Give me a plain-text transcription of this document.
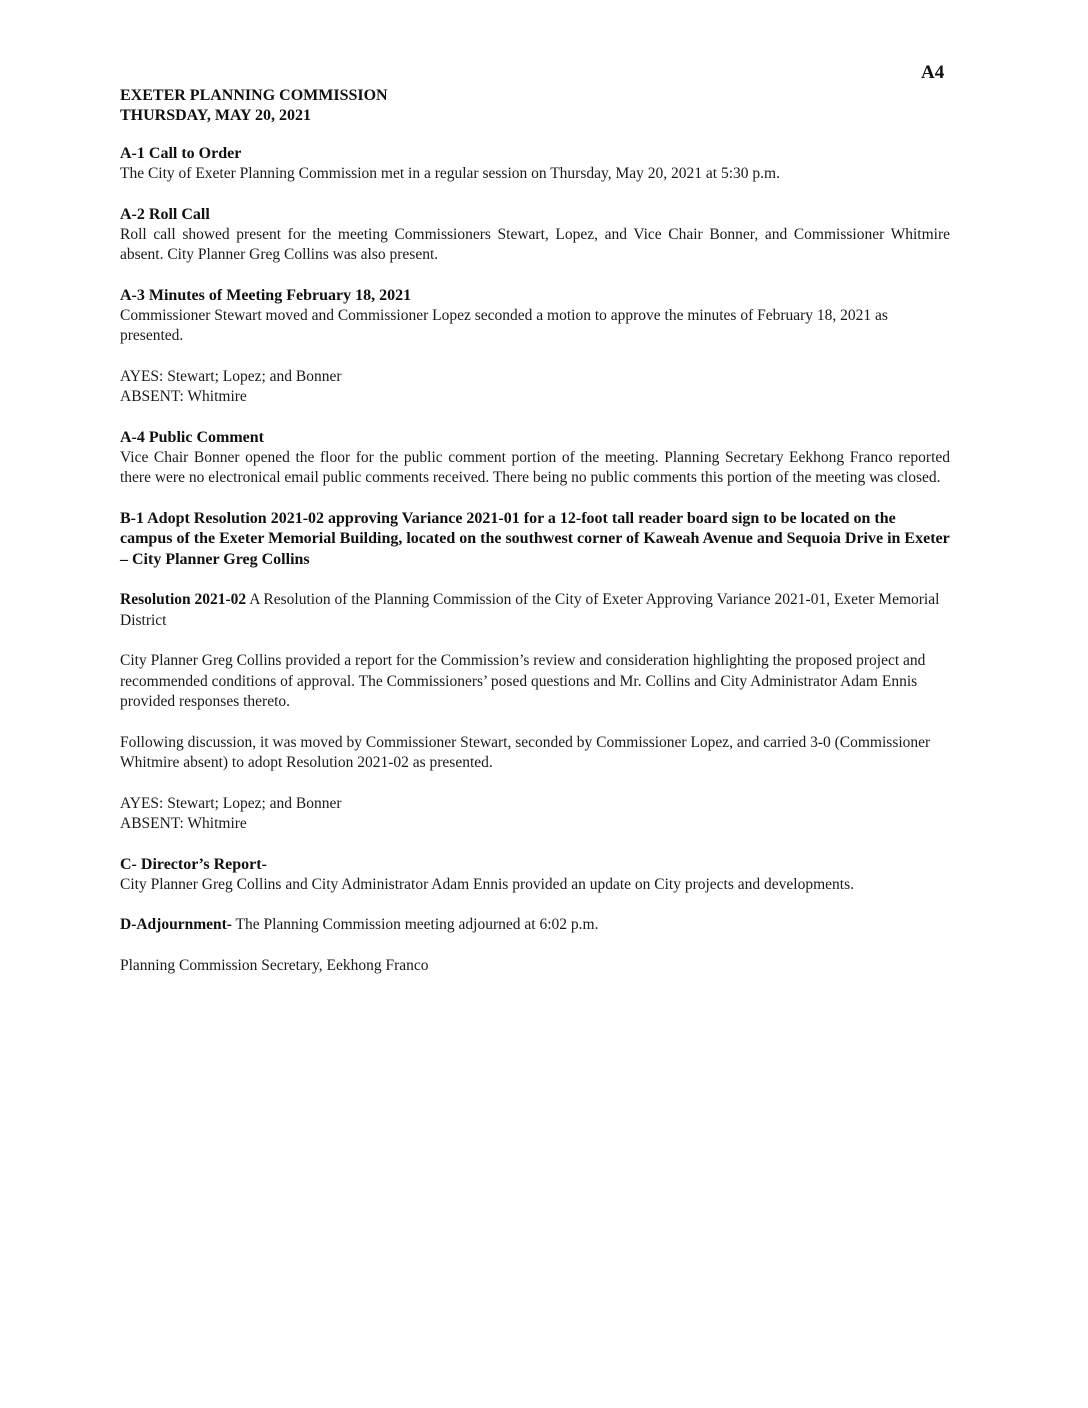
A4
EXETER PLANNING COMMISSION
THURSDAY, MAY 20, 2021
A-1 Call to Order

The City of Exeter Planning Commission met in a regular session on Thursday, May 20, 2021 at 5:30 p.m.

A-2 Roll Call

Roll call showed present for the meeting Commissioners Stewart, Lopez, and Vice Chair Bonner, and Commissioner Whitmire absent. City Planner Greg Collins was also present.

A-3 Minutes of Meeting February 18, 2021

Commissioner Stewart moved and Commissioner Lopez seconded a motion to approve the minutes of February 18, 2021 as presented.

AYES: Stewart; Lopez; and Bonner
ABSENT: Whitmire
A-4 Public Comment

Vice Chair Bonner opened the floor for the public comment portion of the meeting. Planning Secretary Eekhong Franco reported there were no electronical email public comments received. There being no public comments this portion of the meeting was closed.

B-1 Adopt Resolution 2021-02 approving Variance 2021-01 for a 12-foot tall reader board sign to be located on the campus of the Exeter Memorial Building, located on the southwest corner of Kaweah Avenue and Sequoia Drive in Exeter – City Planner Greg Collins

Resolution 2021-02 A Resolution of the Planning Commission of the City of Exeter Approving Variance 2021-01, Exeter Memorial District

City Planner Greg Collins provided a report for the Commission’s review and consideration highlighting the proposed project and recommended conditions of approval. The Commissioners’ posed questions and Mr. Collins and City Administrator Adam Ennis provided responses thereto.

Following discussion, it was moved by Commissioner Stewart, seconded by Commissioner Lopez, and carried 3-0 (Commissioner Whitmire absent) to adopt Resolution 2021-02 as presented.

AYES: Stewart; Lopez; and Bonner
ABSENT: Whitmire
C- Director’s Report-

City Planner Greg Collins and City Administrator Adam Ennis provided an update on City projects and developments.

D-Adjournment- The Planning Commission meeting adjourned at 6:02 p.m.

Planning Commission Secretary, Eekhong Franco
